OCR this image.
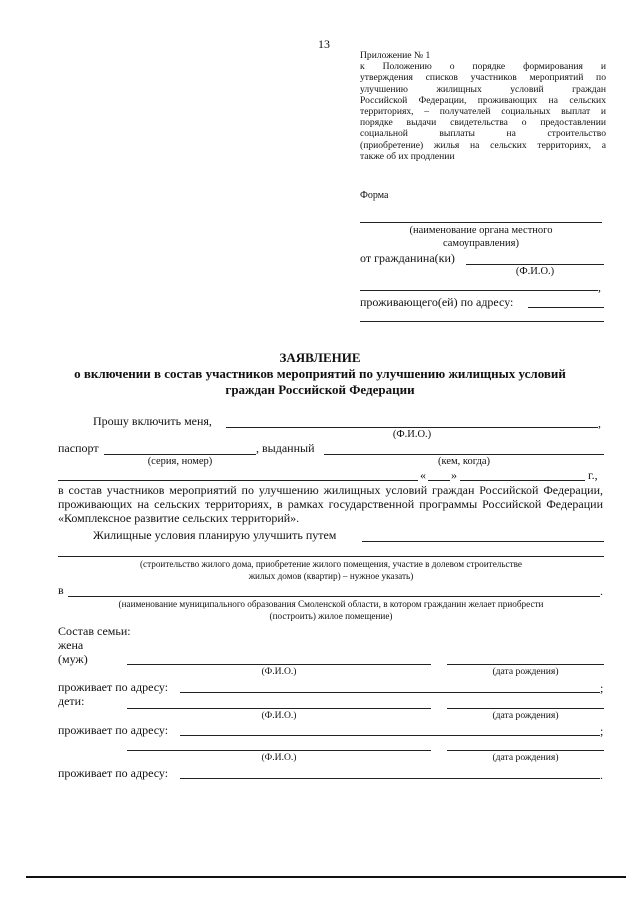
13
Приложение № 1
к Положению о порядке формирования и
утверждения списков участников мероприятий по
улучшению жилищных условий граждан
Российской Федерации, проживающих на сельских
территориях, – получателей социальных выплат и
порядке выдачи свидетельства о предоставлении
социальной выплаты на строительство
(приобретение) жилья на сельских территориях, а
также об их продлении
Форма
(наименование органа местного
самоуправления)
от гражданина(ки)
(Ф.И.О.)
,
проживающего(ей) по адресу:
ЗАЯВЛЕНИЕ
о включении в состав участников мероприятий по улучшению жилищных условий
граждан Российской Федерации
Прошу включить меня,	,
(Ф.И.О.)
паспорт	, выданный
(серия, номер)	(кем, когда)
« »	г.,
в состав участников мероприятий по улучшению жилищных условий граждан Российской Федерации, проживающих на сельских территориях, в рамках государственной программы Российской Федерации «Комплексное развитие сельских территорий».
Жилищные условия планирую улучшить путем
(строительство жилого дома, приобретение жилого помещения, участие в долевом строительстве
жилых домов (квартир) – нужное указать)
в	.
(наименование муниципального образования Смоленской области, в котором гражданин желает приобрести
(построить) жилое помещение)
Состав семьи:
жена
(муж)
(Ф.И.О.)	(дата рождения)
проживает по адресу:	;
дети:
(Ф.И.О.)	(дата рождения)
проживает по адресу:	;
(Ф.И.О.)	(дата рождения)
проживает по адресу:	.
